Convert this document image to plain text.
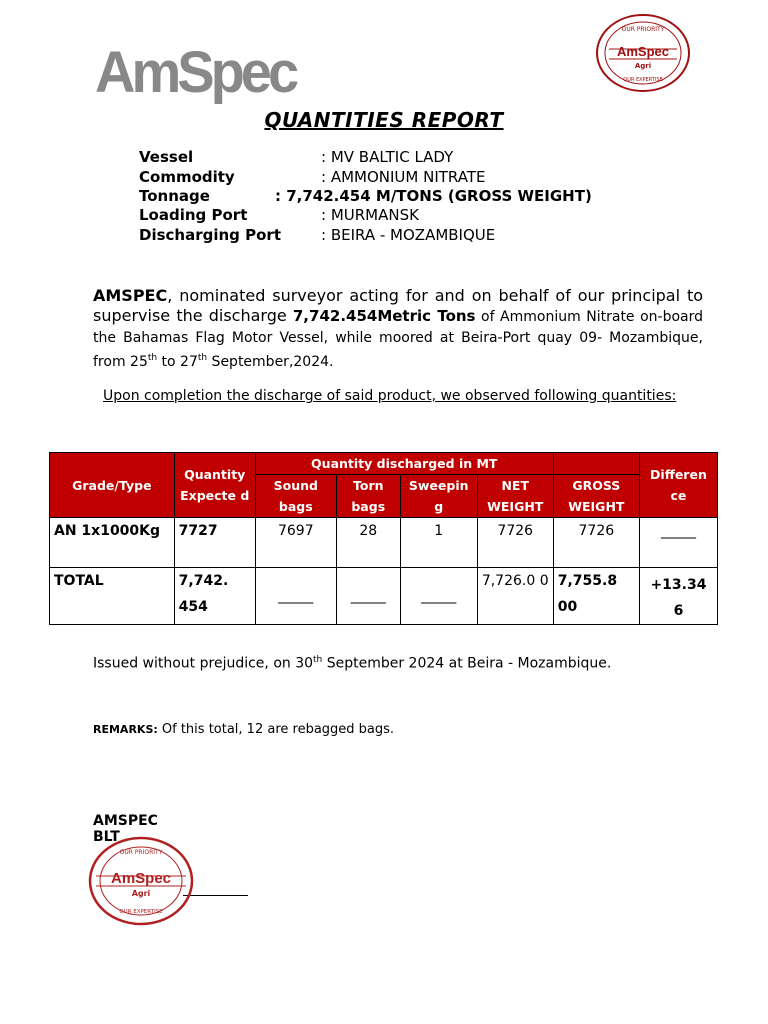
AmSpec
OUR PRIORITY
AmSpec
Agri
OUR EXPERTISE
QUANTITIES REPORT
Vessel	: MV BALTIC LADY
Commodity	: AMMONIUM NITRATE
Tonnage	: 7,742.454 M/TONS (GROSS WEIGHT)
Loading Port	: MURMANSK
Discharging Port	: BEIRA - MOZAMBIQUE

AMSPEC, nominated surveyor acting for and on behalf of our principal to supervise the discharge 7,742.454Metric Tons of Ammonium Nitrate on-board the Bahamas Flag Motor Vessel, while moored at Beira-Port quay 09- Mozambique, from 25th to 27th September,2024.

Upon completion the discharge of said product, we observed following quantities:
Grade/Type	Quantity Expecte d	Quantity discharged in MT					Differen ce
		Sound bags	Torn bags	Sweepin g	NET WEIGHT	GROSS WEIGHT	
AN 1x1000Kg	7727	7697	28	1	7726	7726	_____
TOTAL	7,742. 454	_____	_____	_____	7,726.0 0	7,755.8 00	+13.34 6
Issued without prejudice, on 30th September 2024 at Beira - Mozambique.
REMARKS: Of this total, 12 are rebagged bags.
AMSPEC
BLT
OUR PRIORITY
AmSpec
Agri
OUR EXPERTISE
